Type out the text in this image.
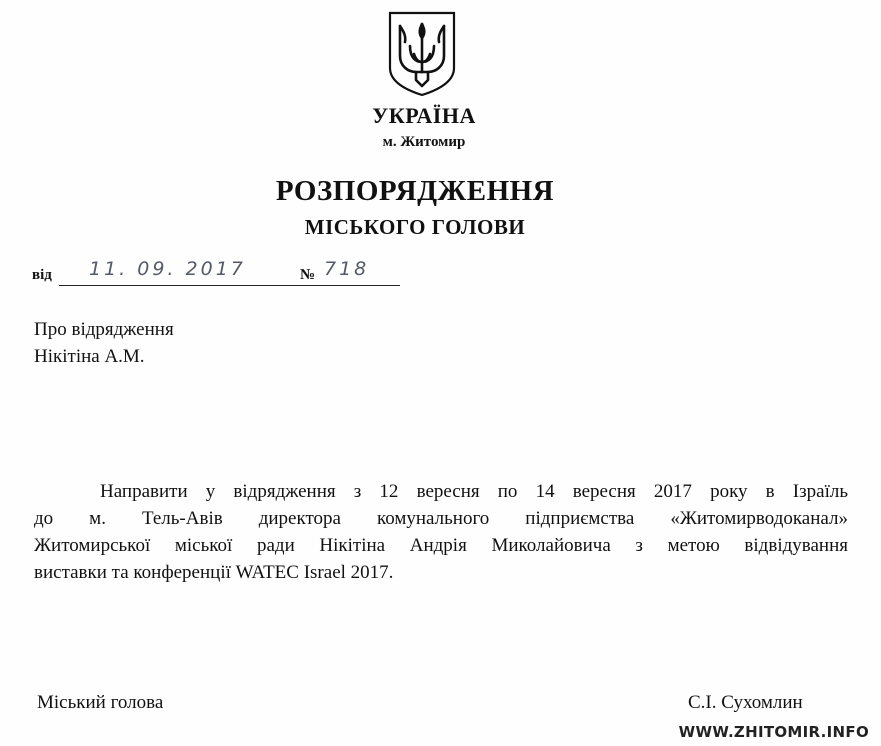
УКРАЇНА
м. Житомир
РОЗПОРЯДЖЕННЯ
МІСЬКОГО ГОЛОВИ
від 11. 09. 2017	№ 718
Про відрядження
Нікітіна А.М.
Направити у відрядження з 12 вересня по 14 вересня 2017 року в Ізраїль
до м. Тель-Авів директора комунального підприємства «Житомирводоканал»
Житомирської міської ради Нікітіна Андрія Миколайовича з метою відвідування
виставки та конференції WATEC Israel 2017.
Міський голова	С.І. Сухомлин
WWW.ZHITOMIR.INFO
